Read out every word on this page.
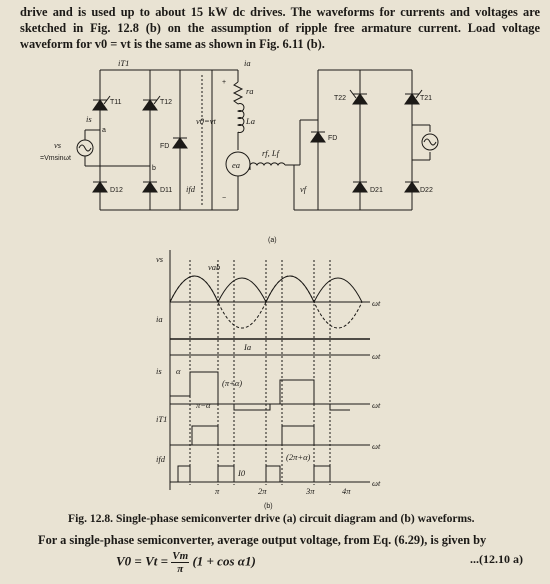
drive and is used up to about 15 kW dc drives. The waveforms for currents and voltages are sketched in Fig. 12.8 (b) on the assumption of ripple free armature current. Load voltage waveform for v0 = vt is the same as shown in Fig. 6.11 (b).
iT1
T11	T12
is
a
b
vs
=Vmsinωt
FD
D12	D11 ifd
ia
ra
La
v0=vt
ea
+
−
rf, Lf
vf
T22	T21
FD
D21	D22
(a)
vs
vab
ia
Ia
is
(π+α)
π−α
α
iT1
ifd	(2π+α)
I0
π	2π	3π	4π
ωt
ωt
ωt
ωt
ωt
(b)
Fig. 12.8. Single-phase semiconverter drive (a) circuit diagram and (b) waveforms.
For a single-phase semiconverter, average output voltage, from Eq. (6.29), is given by
$V0 = Vt = \frac{Vm}{\pi} (1 + \cos \alpha 1)$	...(12.10 a)
